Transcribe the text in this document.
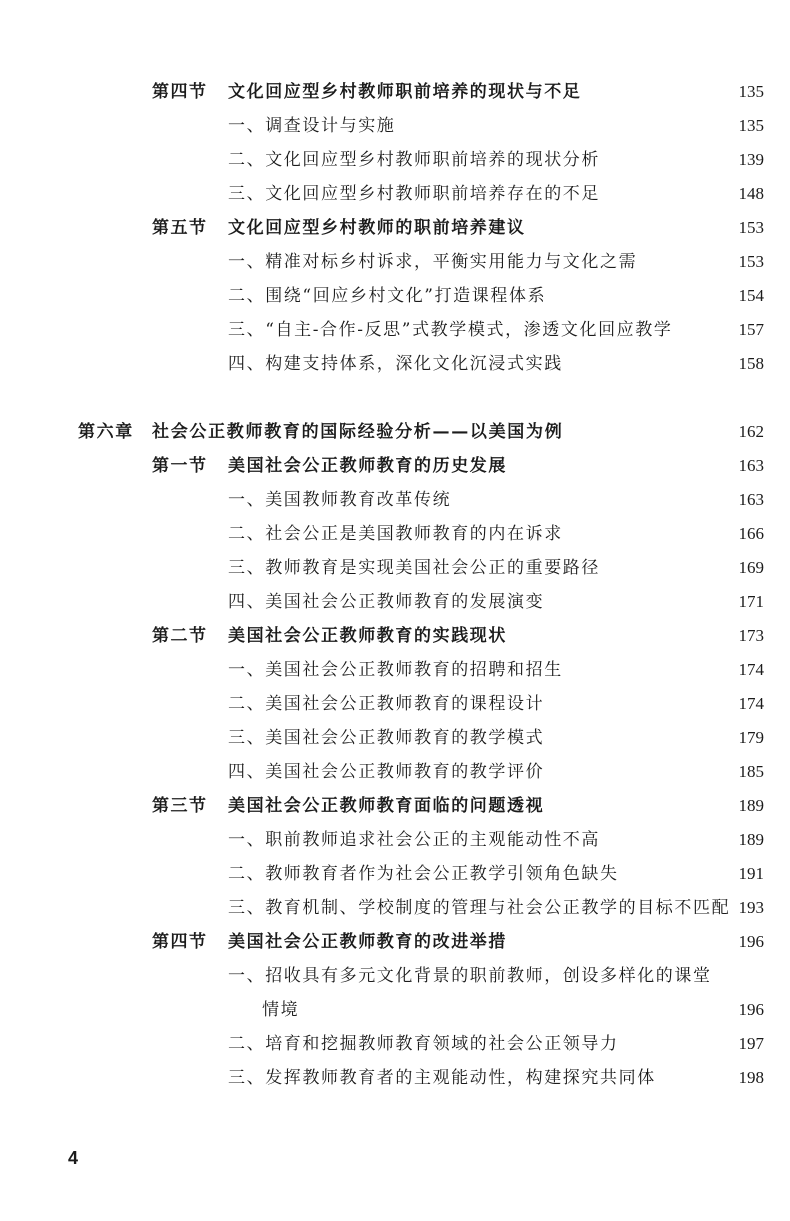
第四节 文化回应型乡村教师职前培养的现状与不足	135
一、调查设计与实施	135
二、文化回应型乡村教师职前培养的现状分析	139
三、文化回应型乡村教师职前培养存在的不足	148
第五节 文化回应型乡村教师的职前培养建议	153
一、精准对标乡村诉求，平衡实用能力与文化之需	153
二、围绕“回应乡村文化”打造课程体系	154
三、“自主-合作-反思”式教学模式，渗透文化回应教学	157
四、构建支持体系，深化文化沉浸式实践	158
第六章 社会公正教师教育的国际经验分析——以美国为例	162
第一节 美国社会公正教师教育的历史发展	163
一、美国教师教育改革传统	163
二、社会公正是美国教师教育的内在诉求	166
三、教师教育是实现美国社会公正的重要路径	169
四、美国社会公正教师教育的发展演变	171
第二节 美国社会公正教师教育的实践现状	173
一、美国社会公正教师教育的招聘和招生	174
二、美国社会公正教师教育的课程设计	174
三、美国社会公正教师教育的教学模式	179
四、美国社会公正教师教育的教学评价	185
第三节 美国社会公正教师教育面临的问题透视	189
一、职前教师追求社会公正的主观能动性不高	189
二、教师教育者作为社会公正教学引领角色缺失	191
三、教育机制、学校制度的管理与社会公正教学的目标不匹配 193
第四节 美国社会公正教师教育的改进举措	196
一、招收具有多元文化背景的职前教师，创设多样化的课堂
情境	196
二、培育和挖掘教师教育领域的社会公正领导力	197
三、发挥教师教育者的主观能动性，构建探究共同体	198
4
